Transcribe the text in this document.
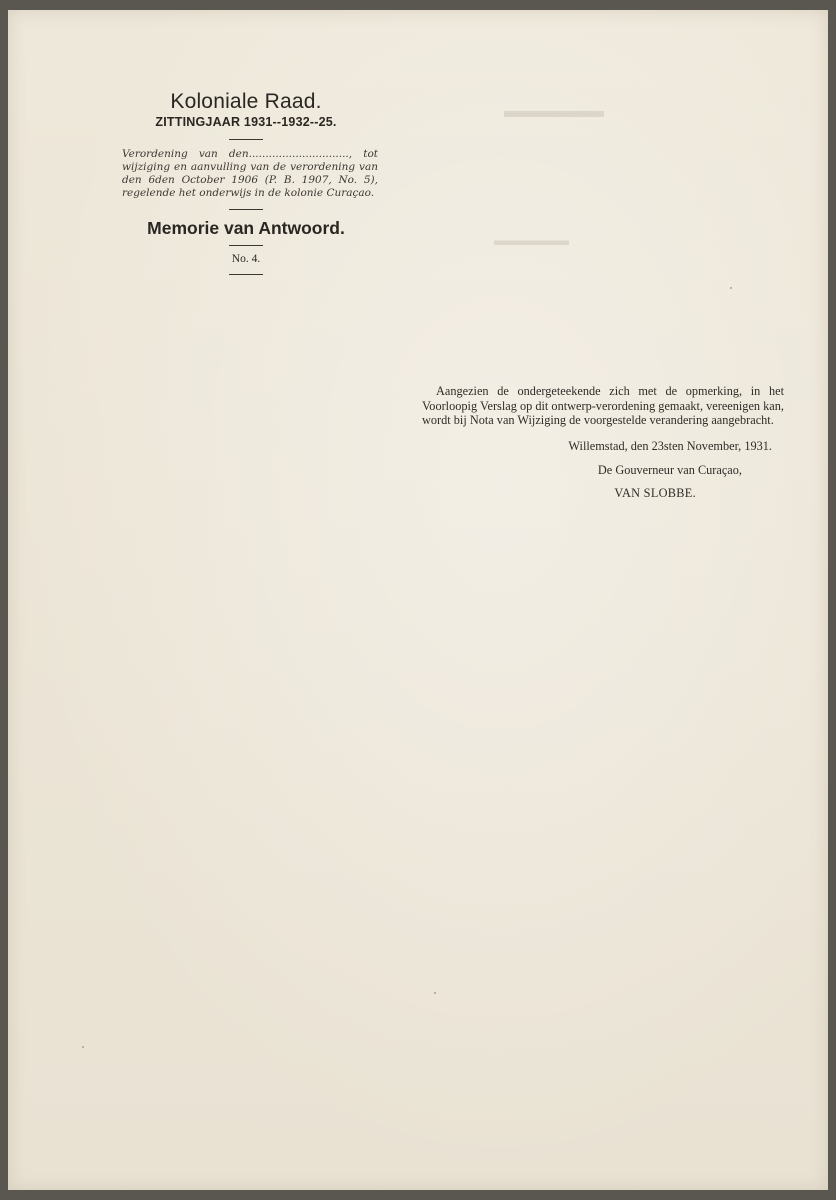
▬▬▬▬▬
▬▬▬▬▬
Koloniale Raad.
ZITTINGJAAR 1931--1932--25.
Verordening van den.............................., tot wijziging en aanvulling van de verordening van den 6den October 1906 (P. B. 1907, No. 5), regelende het onderwijs in de kolonie Curaçao.
Memorie van Antwoord.
No. 4.

Aangezien de ondergeteekende zich met de opmerking, in het Voorloopig Verslag op dit ontwerp-verordening gemaakt, vereenigen kan, wordt bij Nota van Wijziging de voorgestelde verandering aangebracht.

Willemstad, den 23sten November, 1931.
De Gouverneur van Curaçao,
VAN SLOBBE.
